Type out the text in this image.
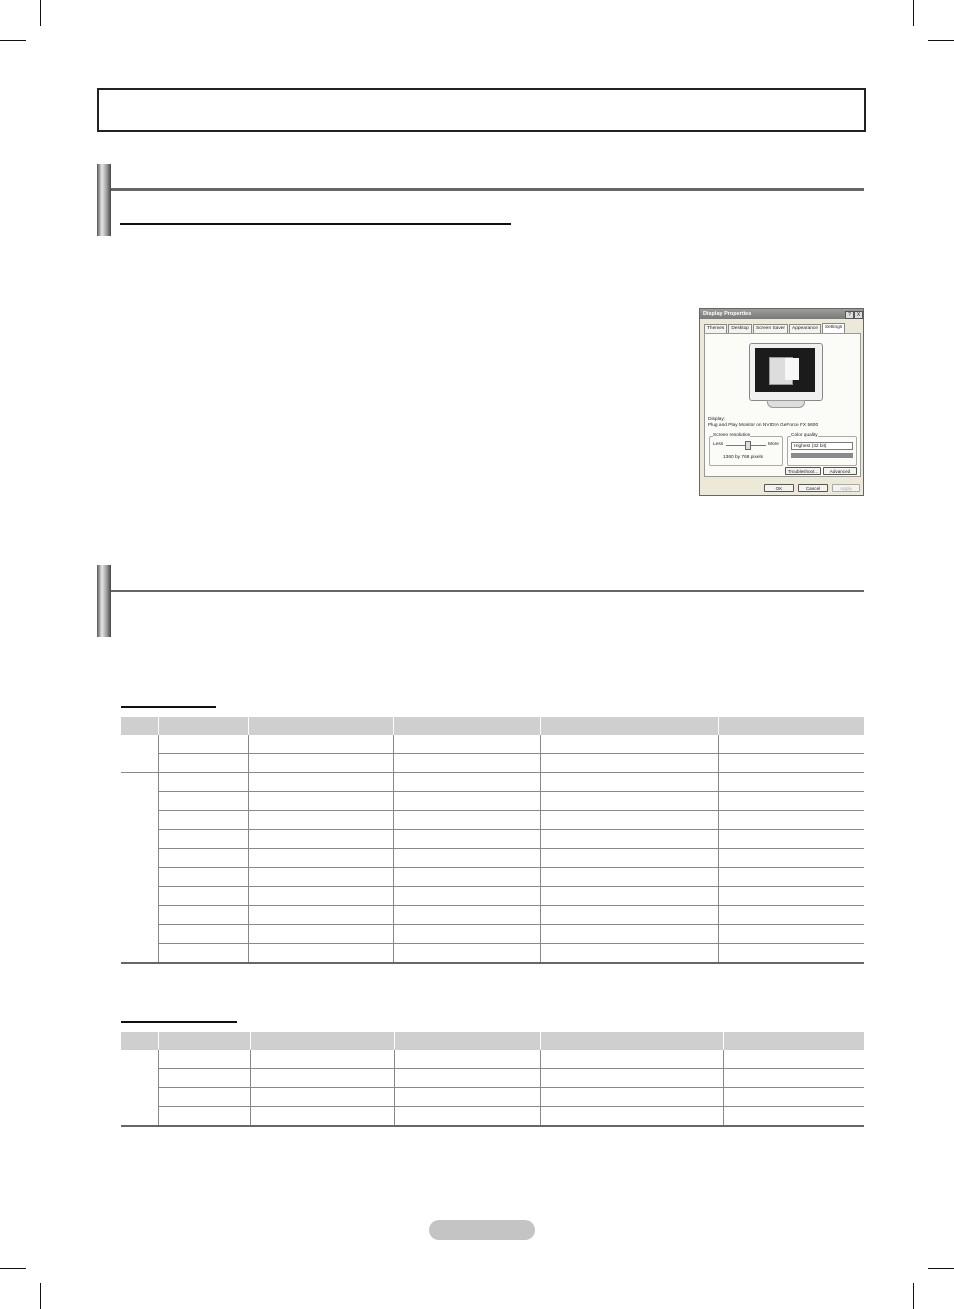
Display Properties	?	X
Themes	Desktop	Screen Saver	Appearance	Settings
Display:
Plug and Play Monitor on NVIDIA GeForce FX 5600
Screen resolution
Less	More
1360 by 768 pixels
Color quality
Highest (32 bit)
Troubleshoot...	Advanced
OK	Cancel	Apply
